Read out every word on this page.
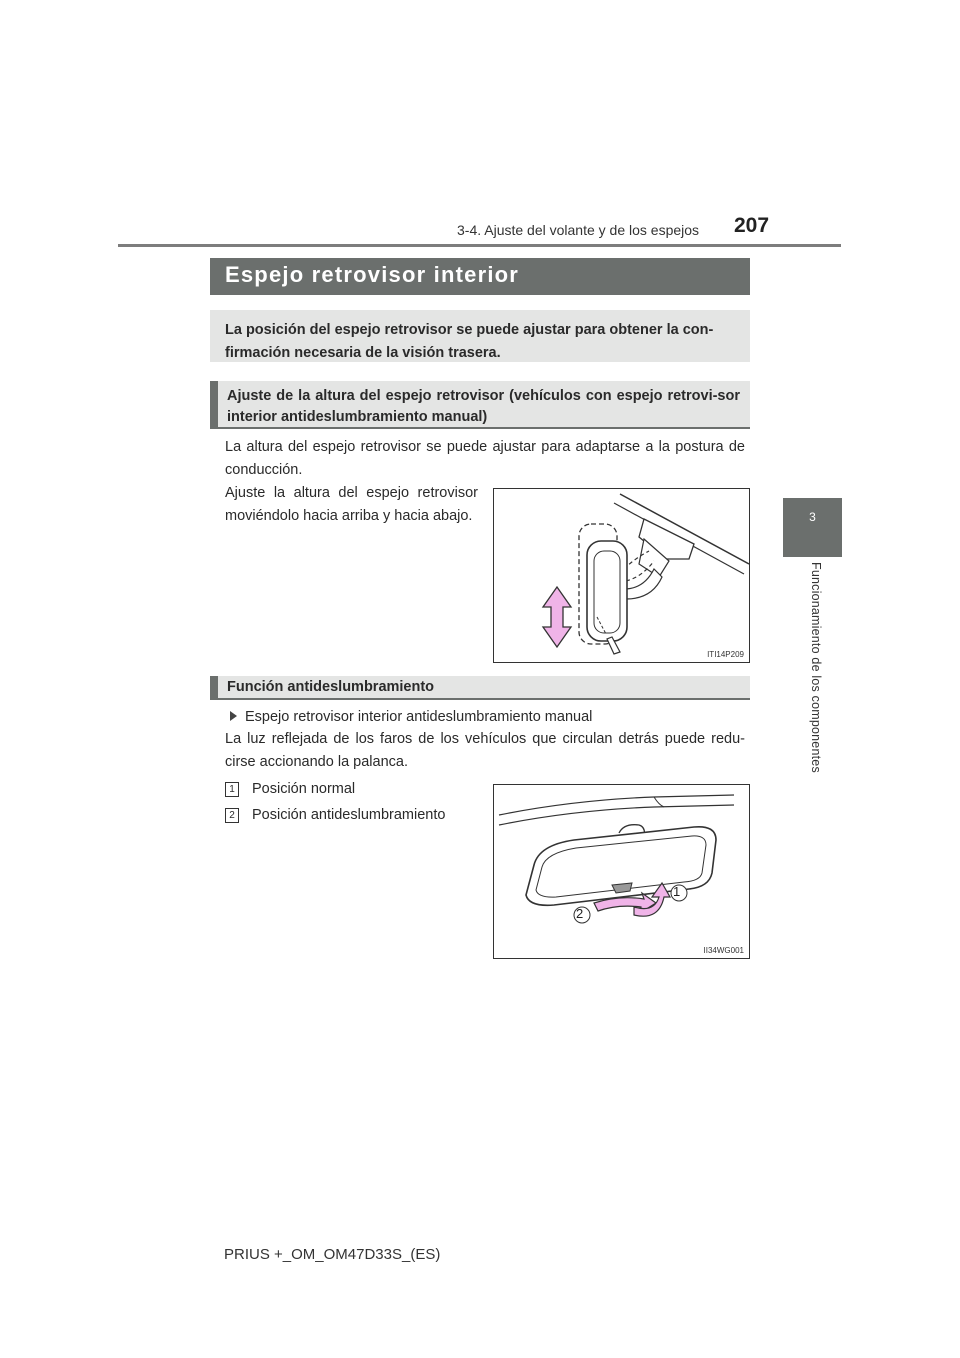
3-4. Ajuste del volante y de los espejos 207
3
Funcionamiento de los componentes
Espejo retrovisor interior
La posición del espejo retrovisor se puede ajustar para obtener la con-firmación necesaria de la visión trasera.
Ajuste de la altura del espejo retrovisor (vehículos con espejo retrovi-sor interior antideslumbramiento manual)
La altura del espejo retrovisor se puede ajustar para adaptarse a la postura de conducción.
Ajuste la altura del espejo retrovisor moviéndolo hacia arriba y hacia abajo.
ITI14P209
Función antideslumbramiento
Espejo retrovisor interior antideslumbramiento manual
La luz reflejada de los faros de los vehículos que circulan detrás puede redu-cirse accionando la palanca.
1 Posición normal
2 Posición antideslumbramiento
1
2
II34WG001
PRIUS +_OM_OM47D33S_(ES)
